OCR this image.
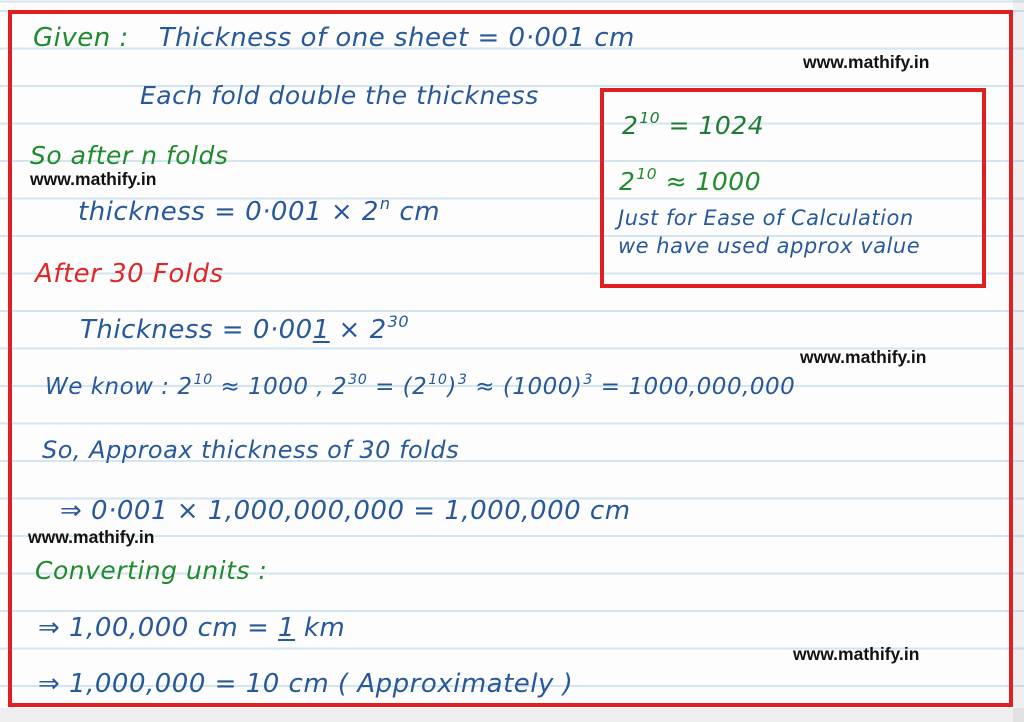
www.mathify.in
www.mathify.in
www.mathify.in
www.mathify.in
www.mathify.in
Given : Thickness of one sheet = 0·001 cm
Each fold double the thickness
So after n folds
thickness = $0\cdot 001 \times 2^n$ cm
After 30 Folds
Thickness = $0\cdot 001 \times 2^{30}$
We know : $2^{10} \approx 1000$ , $2^{30} = (2^{10})^3 \approx (1000)^3 = 1000,000,000$
So, Approax thickness of 30 folds
⇒ 0·001 × 1,000,000,000 = 1,000,000 cm
Converting units :
⇒ 1,00,000 cm = 1 km
⇒ 1,000,000 = 10 cm ( Approximately )
$2^{10} = 1024$
$2^{10} \approx 1000$
Just for Ease of Calculation
we have used approx value
